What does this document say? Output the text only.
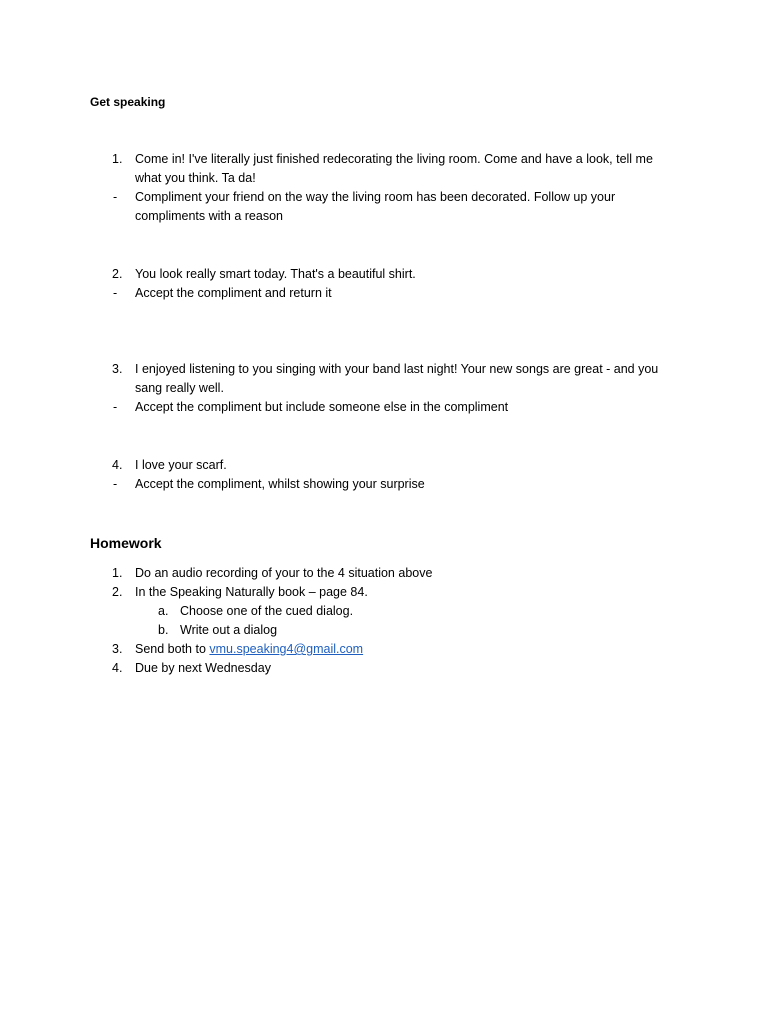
Get speaking
1.	Come in! I've literally just finished redecorating the living room. Come and have a look, tell me what you think. Ta da!
- Compliment your friend on the way the living room has been decorated. Follow up your compliments with a reason
2.	You look really smart today. That's a beautiful shirt.
- Accept the compliment and return it
3.	I enjoyed listening to you singing with your band last night! Your new songs are great - and you sang really well.
- Accept the compliment but include someone else in the compliment
4.	I love your scarf.
- Accept the compliment, whilst showing your surprise
Homework
1.	Do an audio recording of your to the 4 situation above
2.	In the Speaking Naturally book – page 84.
a. Choose one of the cued dialog.
b. Write out a dialog
3.	Send both to vmu.speaking4@gmail.com
4.	Due by next Wednesday
